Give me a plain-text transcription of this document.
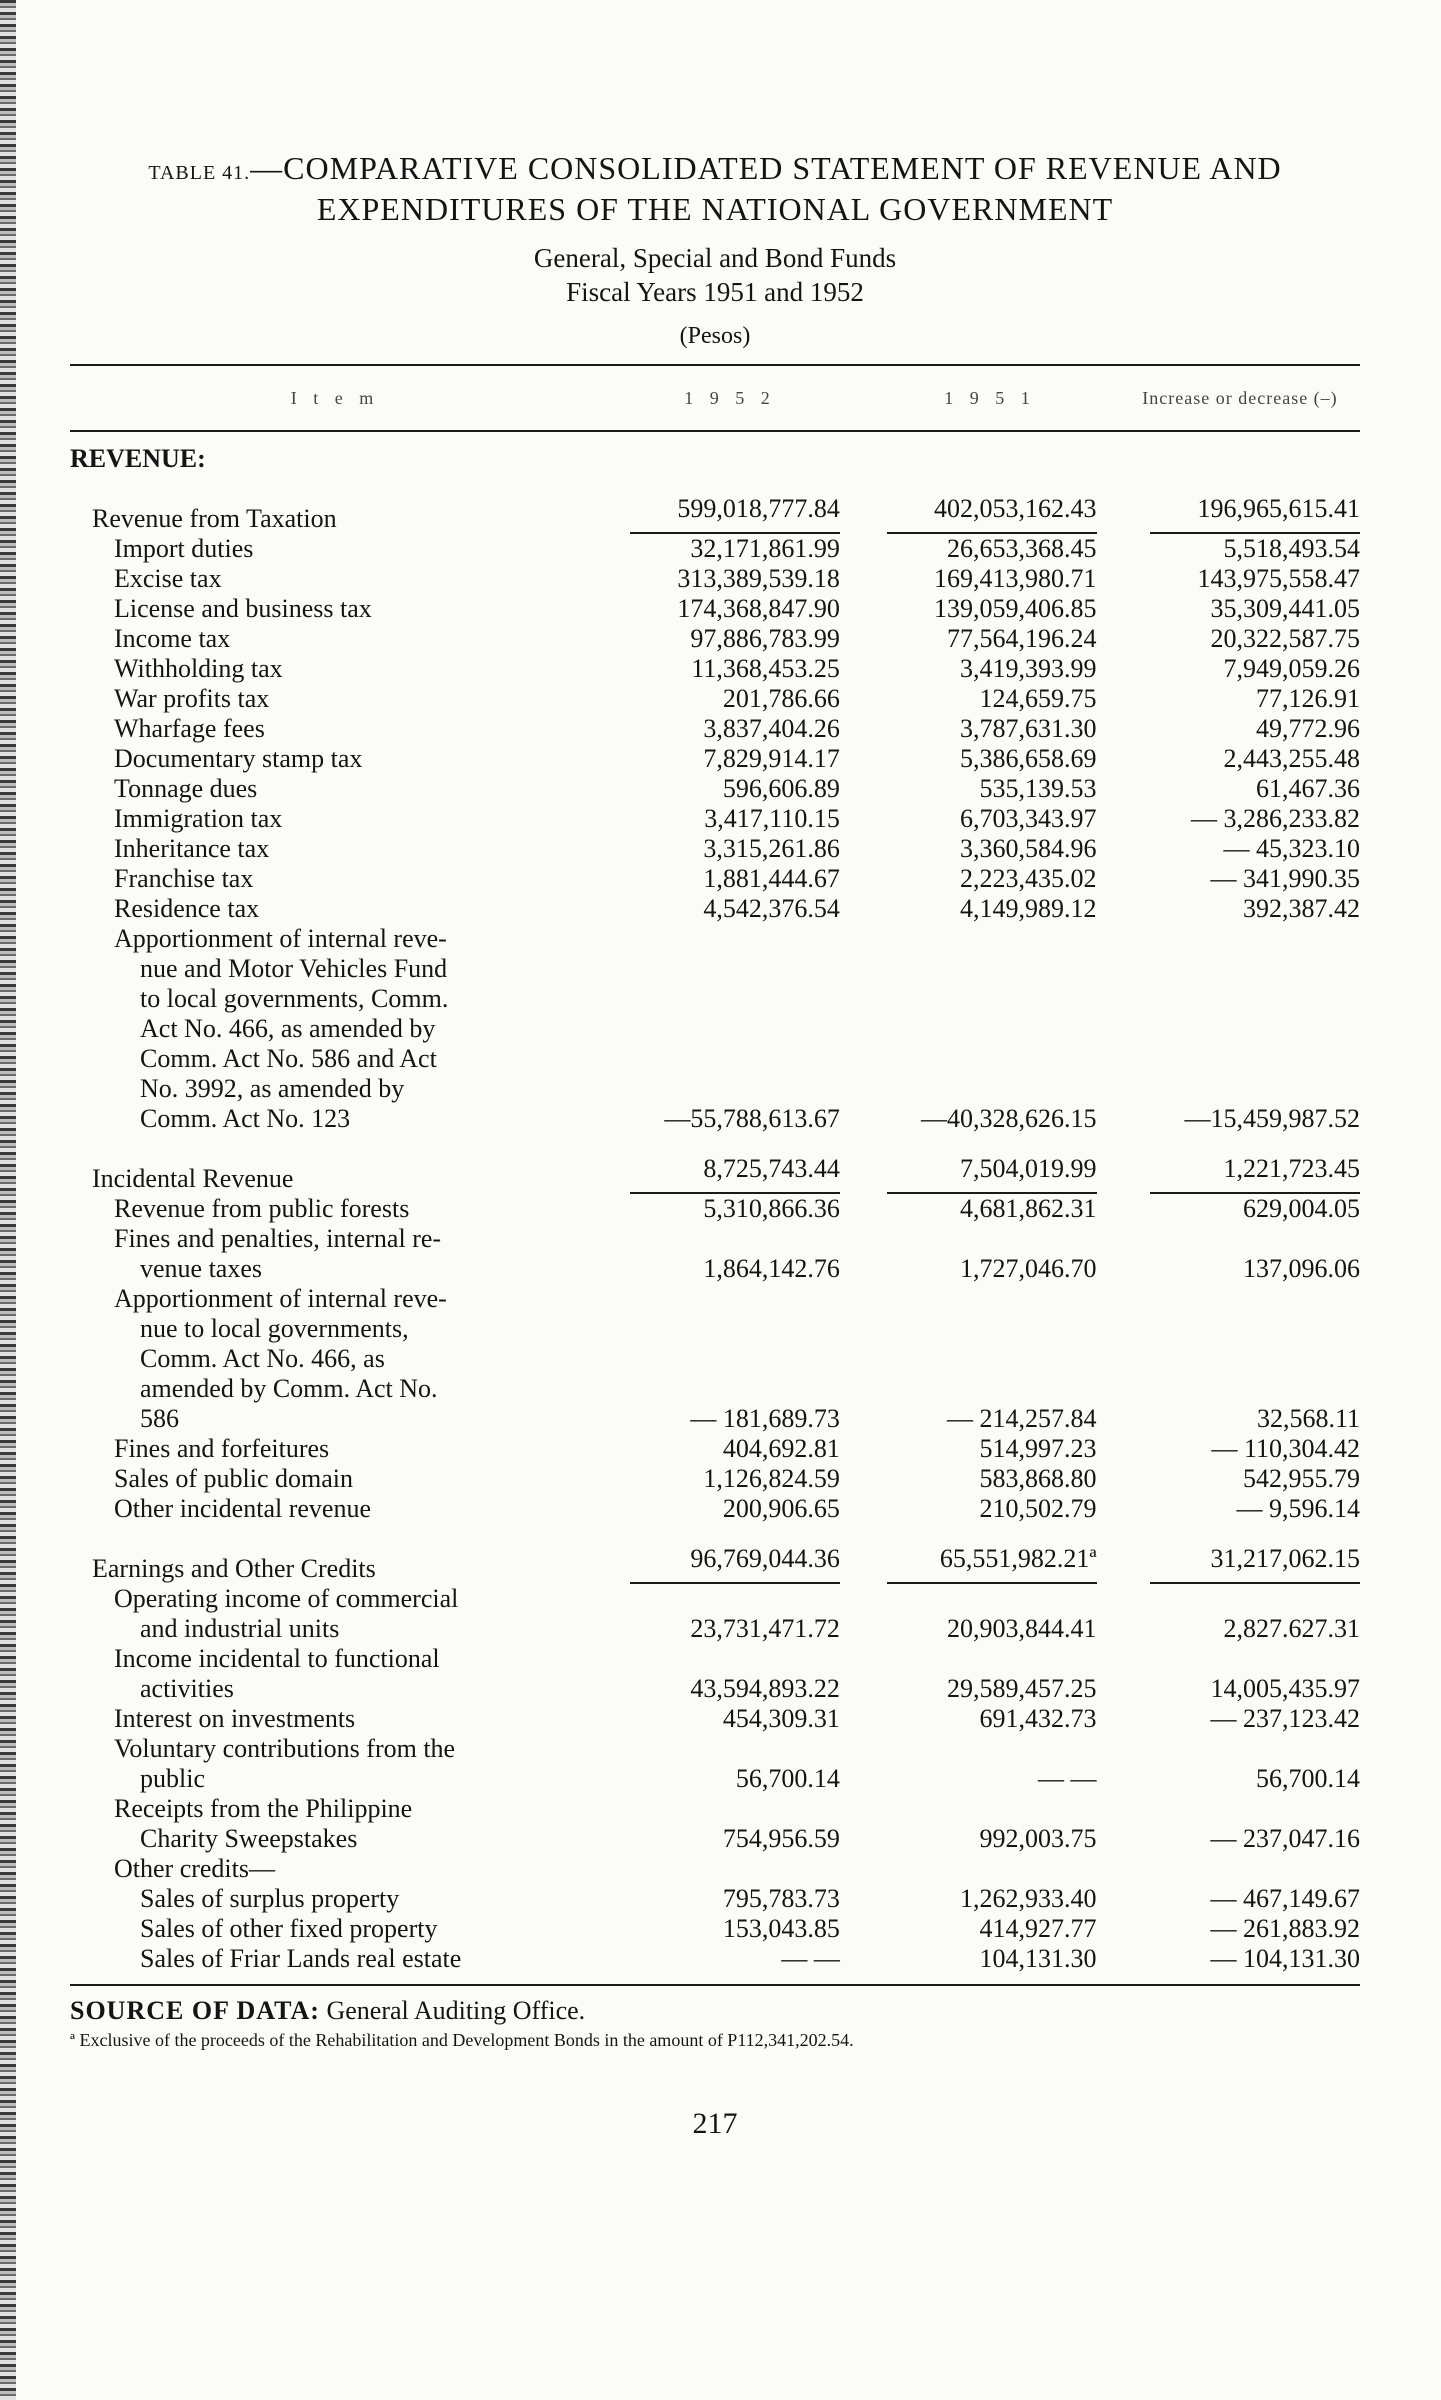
TABLE 41.—COMPARATIVE CONSOLIDATED STATEMENT OF REVENUE AND
EXPENDITURES OF THE NATIONAL GOVERNMENT
General, Special and Bond Funds
Fiscal Years 1951 and 1952
(Pesos)
I t e m	1 9 5 2	1 9 5 1	Increase or decrease (–)
REVENUE:
Revenue from Taxation	599,018,777.84	402,053,162.43	196,965,615.41
Import duties	32,171,861.99	26,653,368.45	5,518,493.54
Excise tax	313,389,539.18	169,413,980.71	143,975,558.47
License and business tax	174,368,847.90	139,059,406.85	35,309,441.05
Income tax	97,886,783.99	77,564,196.24	20,322,587.75
Withholding tax	11,368,453.25	3,419,393.99	7,949,059.26
War profits tax	201,786.66	124,659.75	77,126.91
Wharfage fees	3,837,404.26	3,787,631.30	49,772.96
Documentary stamp tax	7,829,914.17	5,386,658.69	2,443,255.48
Tonnage dues	596,606.89	535,139.53	61,467.36
Immigration tax	3,417,110.15	6,703,343.97	— 3,286,233.82
Inheritance tax	3,315,261.86	3,360,584.96	— 45,323.10
Franchise tax	1,881,444.67	2,223,435.02	— 341,990.35
Residence tax	4,542,376.54	4,149,989.12	392,387.42
Apportionment of internal reve-			
nue and Motor Vehicles Fund			
to local governments, Comm.			
Act No. 466, as amended by			
Comm. Act No. 586 and Act			
No. 3992, as amended by			
Comm. Act No. 123	—55,788,613.67	—40,328,626.15	—15,459,987.52
Incidental Revenue	8,725,743.44	7,504,019.99	1,221,723.45
Revenue from public forests	5,310,866.36	4,681,862.31	629,004.05
Fines and penalties, internal re-			
venue taxes	1,864,142.76	1,727,046.70	137,096.06
Apportionment of internal reve-			
nue to local governments,			
Comm. Act No. 466, as			
amended by Comm. Act No.			
586	— 181,689.73	— 214,257.84	32,568.11
Fines and forfeitures	404,692.81	514,997.23	— 110,304.42
Sales of public domain	1,126,824.59	583,868.80	542,955.79
Other incidental revenue	200,906.65	210,502.79	— 9,596.14
Earnings and Other Credits	96,769,044.36	65,551,982.21ª	31,217,062.15
Operating income of commercial			
and industrial units	23,731,471.72	20,903,844.41	2,827.627.31
Income incidental to functional			
activities	43,594,893.22	29,589,457.25	14,005,435.97
Interest on investments	454,309.31	691,432.73	— 237,123.42
Voluntary contributions from the			
public	56,700.14	— —	56,700.14
Receipts from the Philippine			
Charity Sweepstakes	754,956.59	992,003.75	— 237,047.16
Other credits—			
Sales of surplus property	795,783.73	1,262,933.40	— 467,149.67
Sales of other fixed property	153,043.85	414,927.77	— 261,883.92
Sales of Friar Lands real estate	— —	104,131.30	— 104,131.30
SOURCE OF DATA: General Auditing Office.
ª Exclusive of the proceeds of the Rehabilitation and Development Bonds in the amount of P112,341,202.54.
217
